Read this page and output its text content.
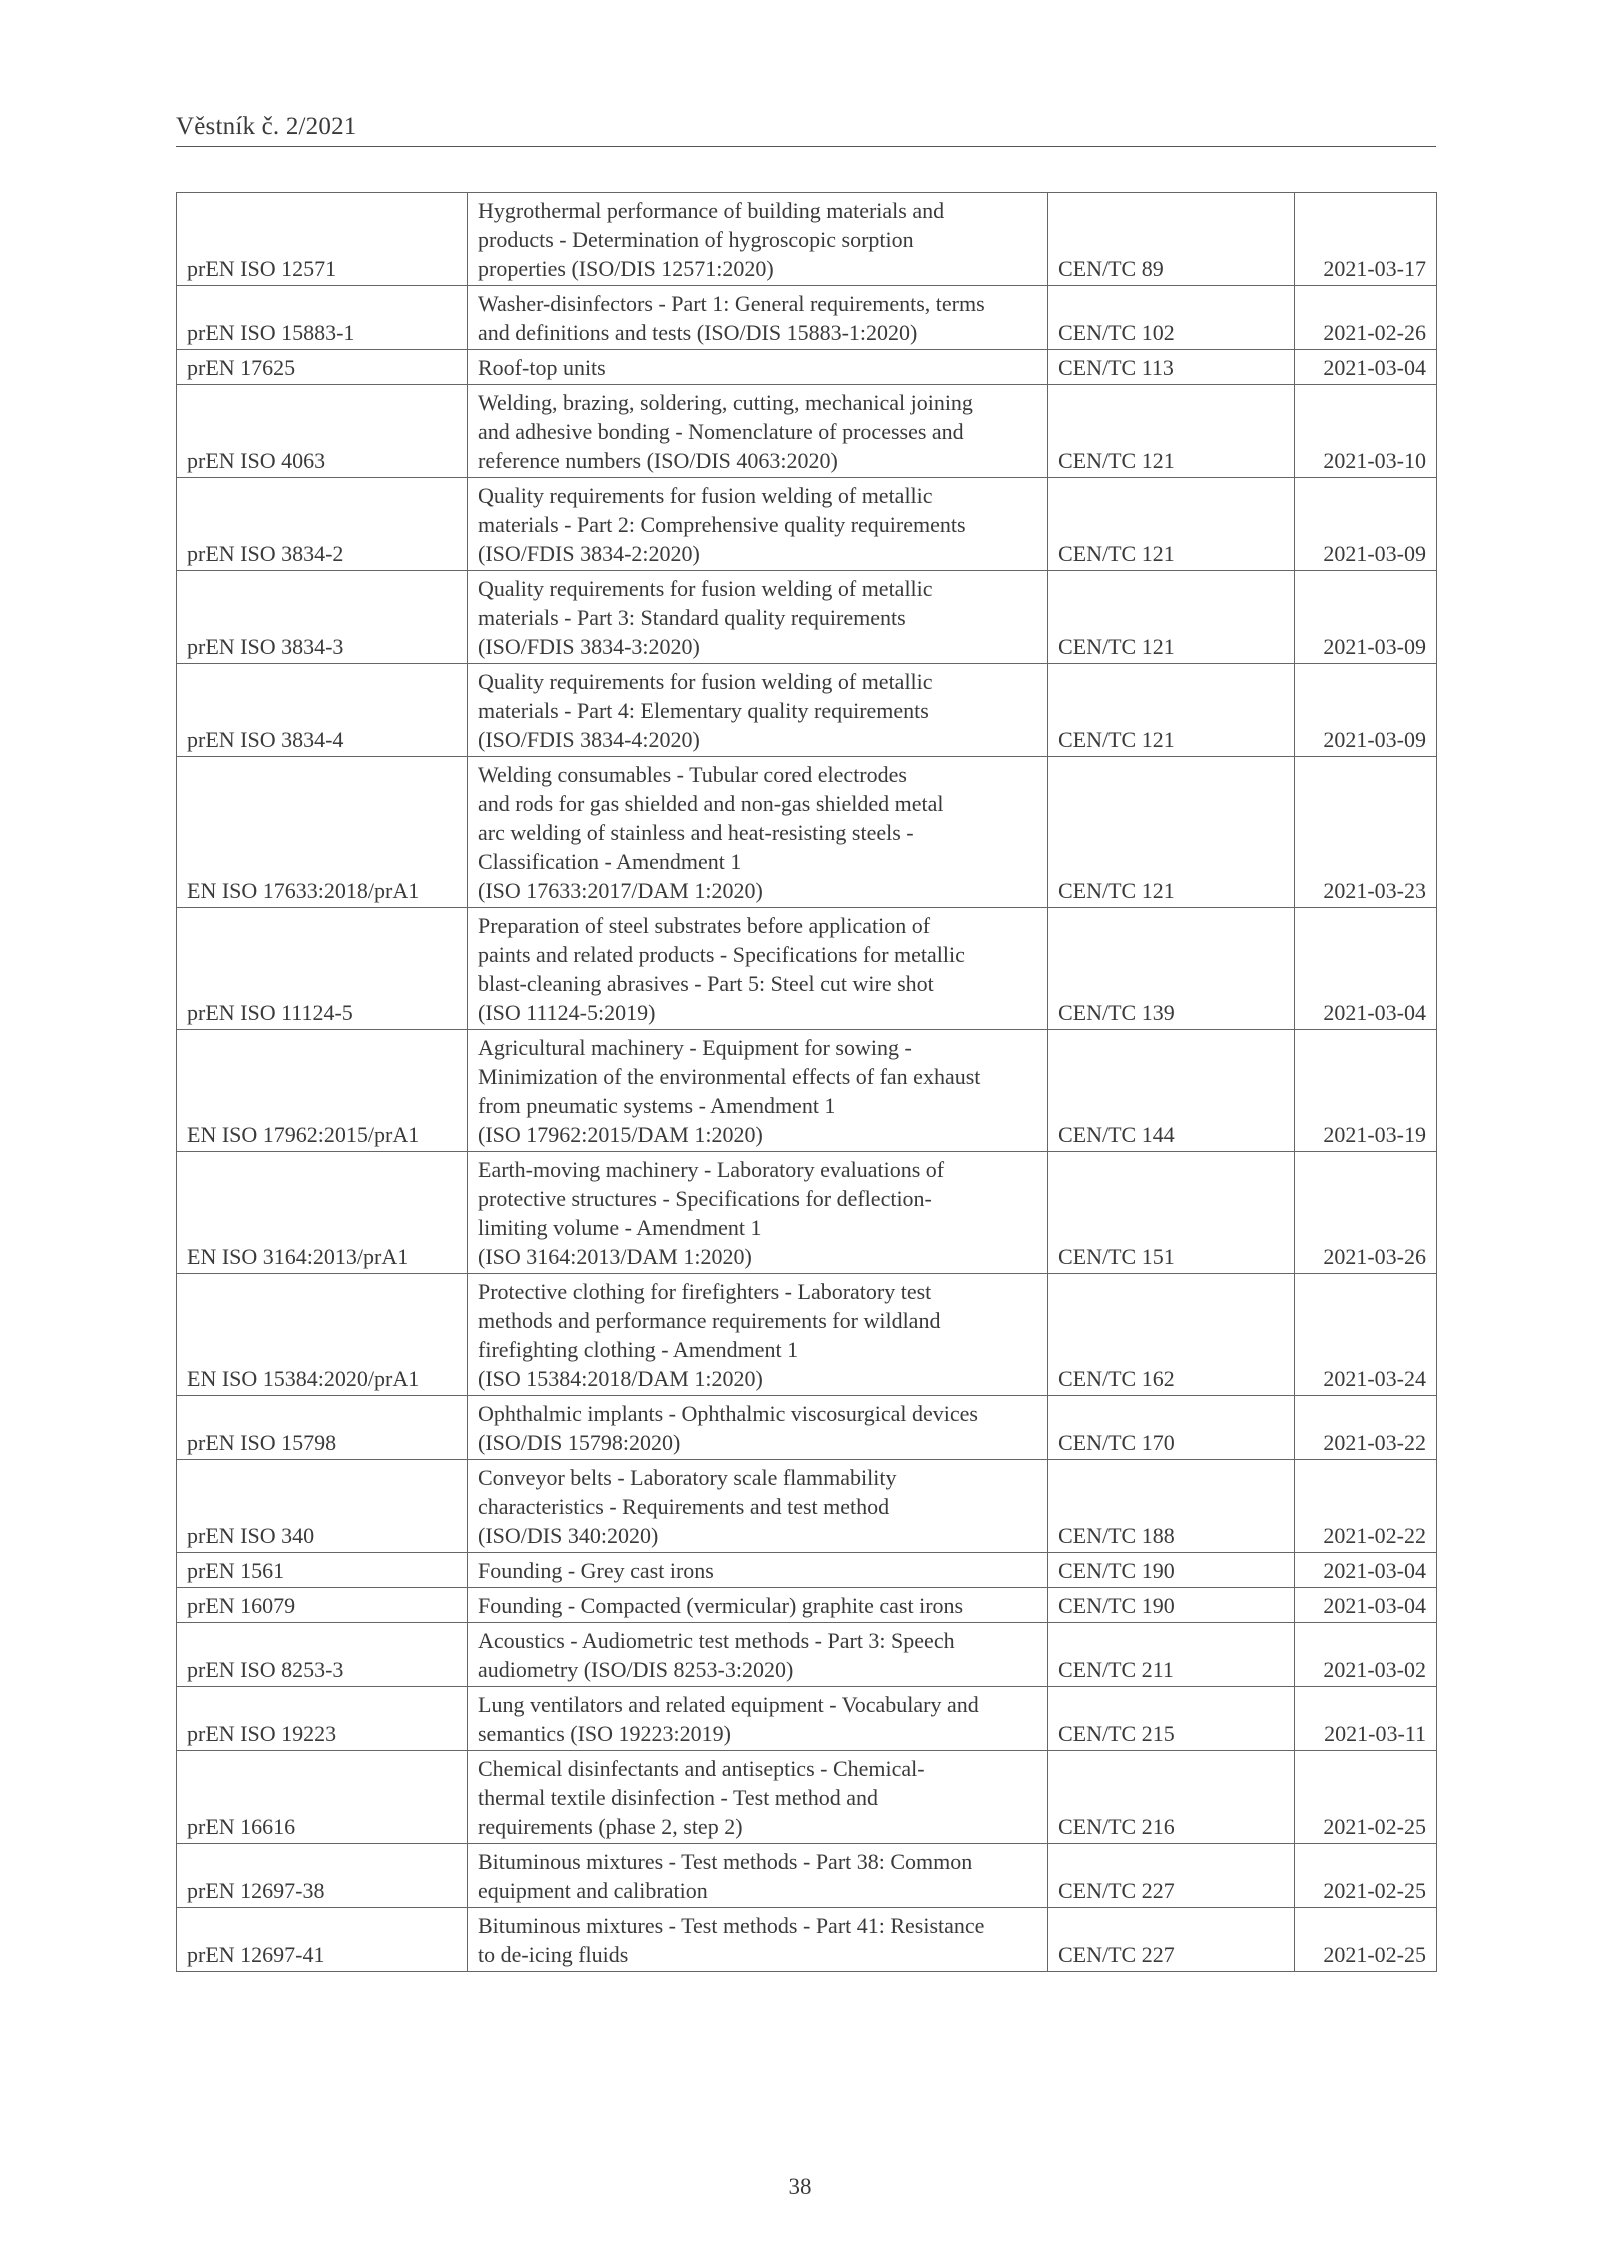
Věstník č. 2/2021
prEN ISO 12571	Hygrothermal performance of building materials and
products - Determination of hygroscopic sorption
properties (ISO/DIS 12571:2020)	CEN/TC 89	2021-03-17
prEN ISO 15883-1	Washer-disinfectors - Part 1: General requirements, terms
and definitions and tests (ISO/DIS 15883-1:2020)	CEN/TC 102	2021-02-26
prEN 17625	Roof-top units	CEN/TC 113	2021-03-04
prEN ISO 4063	Welding, brazing, soldering, cutting, mechanical joining
and adhesive bonding - Nomenclature of processes and
reference numbers (ISO/DIS 4063:2020)	CEN/TC 121	2021-03-10
prEN ISO 3834-2	Quality requirements for fusion welding of metallic
materials - Part 2: Comprehensive quality requirements
(ISO/FDIS 3834-2:2020)	CEN/TC 121	2021-03-09
prEN ISO 3834-3	Quality requirements for fusion welding of metallic
materials - Part 3: Standard quality requirements
(ISO/FDIS 3834-3:2020)	CEN/TC 121	2021-03-09
prEN ISO 3834-4	Quality requirements for fusion welding of metallic
materials - Part 4: Elementary quality requirements
(ISO/FDIS 3834-4:2020)	CEN/TC 121	2021-03-09
EN ISO 17633:2018/prA1	Welding consumables - Tubular cored electrodes
and rods for gas shielded and non-gas shielded metal
arc welding of stainless and heat-resisting steels -
Classification - Amendment 1
(ISO 17633:2017/DAM 1:2020)	CEN/TC 121	2021-03-23
prEN ISO 11124-5	Preparation of steel substrates before application of
paints and related products - Specifications for metallic
blast-cleaning abrasives - Part 5: Steel cut wire shot
(ISO 11124-5:2019)	CEN/TC 139	2021-03-04
EN ISO 17962:2015/prA1	Agricultural machinery - Equipment for sowing -
Minimization of the environmental effects of fan exhaust
from pneumatic systems - Amendment 1
(ISO 17962:2015/DAM 1:2020)	CEN/TC 144	2021-03-19
EN ISO 3164:2013/prA1	Earth-moving machinery - Laboratory evaluations of
protective structures - Specifications for deflection-
limiting volume - Amendment 1
(ISO 3164:2013/DAM 1:2020)	CEN/TC 151	2021-03-26
EN ISO 15384:2020/prA1	Protective clothing for firefighters - Laboratory test
methods and performance requirements for wildland
firefighting clothing - Amendment 1
(ISO 15384:2018/DAM 1:2020)	CEN/TC 162	2021-03-24
prEN ISO 15798	Ophthalmic implants - Ophthalmic viscosurgical devices
(ISO/DIS 15798:2020)	CEN/TC 170	2021-03-22
prEN ISO 340	Conveyor belts - Laboratory scale flammability
characteristics - Requirements and test method
(ISO/DIS 340:2020)	CEN/TC 188	2021-02-22
prEN 1561	Founding - Grey cast irons	CEN/TC 190	2021-03-04
prEN 16079	Founding - Compacted (vermicular) graphite cast irons	CEN/TC 190	2021-03-04
prEN ISO 8253-3	Acoustics - Audiometric test methods - Part 3: Speech
audiometry (ISO/DIS 8253-3:2020)	CEN/TC 211	2021-03-02
prEN ISO 19223	Lung ventilators and related equipment - Vocabulary and
semantics (ISO 19223:2019)	CEN/TC 215	2021-03-11
prEN 16616	Chemical disinfectants and antiseptics - Chemical-
thermal textile disinfection - Test method and
requirements (phase 2, step 2)	CEN/TC 216	2021-02-25
prEN 12697-38	Bituminous mixtures - Test methods - Part 38: Common
equipment and calibration	CEN/TC 227	2021-02-25
prEN 12697-41	Bituminous mixtures - Test methods - Part 41: Resistance
to de-icing fluids	CEN/TC 227	2021-02-25
38
